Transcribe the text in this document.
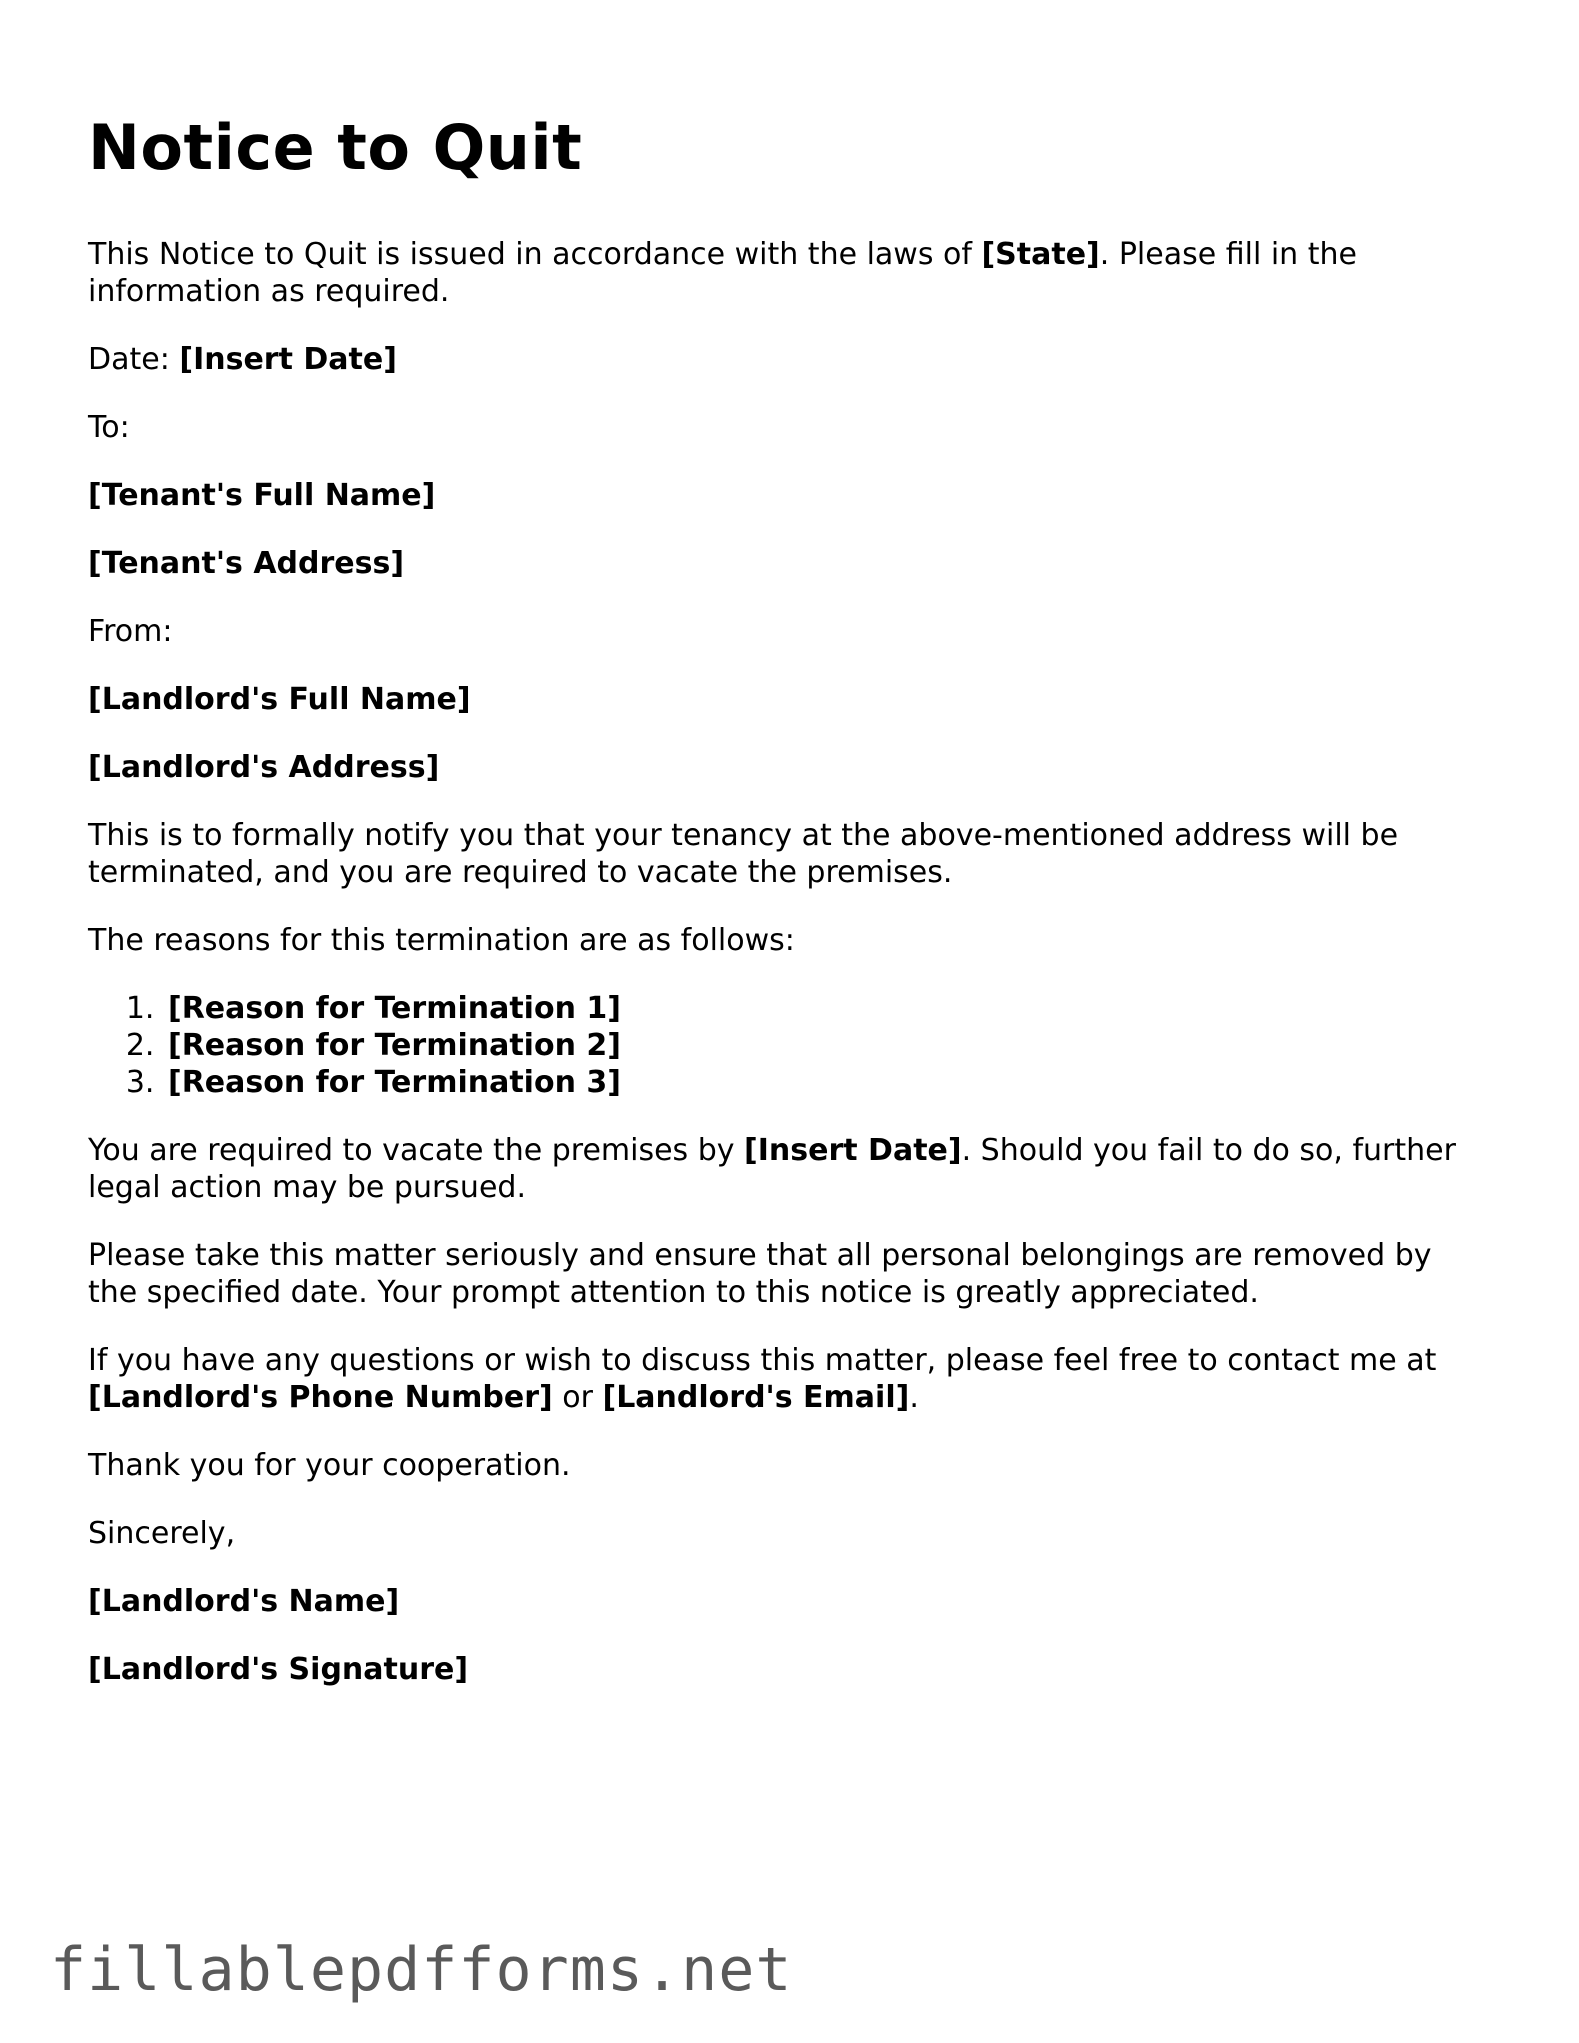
Notice to Quit

This Notice to Quit is issued in accordance with the laws of [State]. Please fill in the information as required.

Date: [Insert Date]

To:

[Tenant's Full Name]

[Tenant's Address]

From:

[Landlord's Full Name]

[Landlord's Address]

This is to formally notify you that your tenancy at the above-mentioned address will be terminated, and you are required to vacate the premises.

The reasons for this termination are as follows:

1. [Reason for Termination 1]
2. [Reason for Termination 2]
3. [Reason for Termination 3]

You are required to vacate the premises by [Insert Date]. Should you fail to do so, further legal action may be pursued.

Please take this matter seriously and ensure that all personal belongings are removed by the specified date. Your prompt attention to this notice is greatly appreciated.

If you have any questions or wish to discuss this matter, please feel free to contact me at [Landlord's Phone Number] or [Landlord's Email].

Thank you for your cooperation.

Sincerely,

[Landlord's Name]

[Landlord's Signature]

fillablepdfforms.net
